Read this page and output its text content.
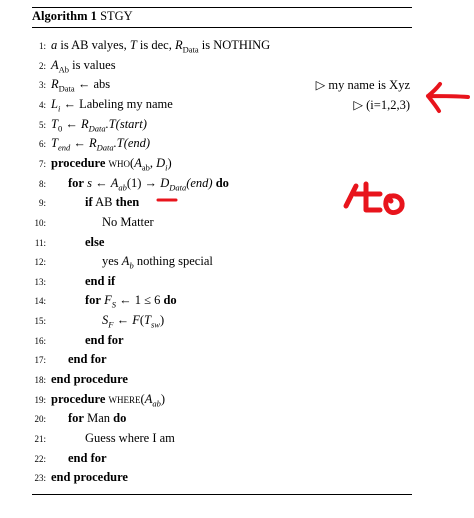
Algorithm 1 STGY
1: a is AB valyes, T is dec, $R_{Data}$ is NOTHING
2: $A_{Ab}$ is values
3: $R_{Data}$ ← abs	▷ my name is Xyz
4: $L_i$ ← Labeling my name	▷ (i=1,2,3)
5: $T_0$ ← $R_{Data}.T(start)$
6: $T_{end}$ ← $R_{Data}.T(end)$
7: procedure $who(A_{ab}$, $D_i$)
8: for s ← $A_{ab}(1) \to D_{Data}(end)$ do
9:	if AB then
10:	No Matter
11:	else
12:	yes $A_b$ nothing special
13:	end if
14:	for $F_S$ ← 1 ≤ 6 do
15:	$S_F$ ← $F(T_{sw})$
16:	end for
17: end for
18: end procedure
19: procedure $where(A_{ab})$
20: for Man do
21:	Guess where I am
22: end for
23: end procedure
